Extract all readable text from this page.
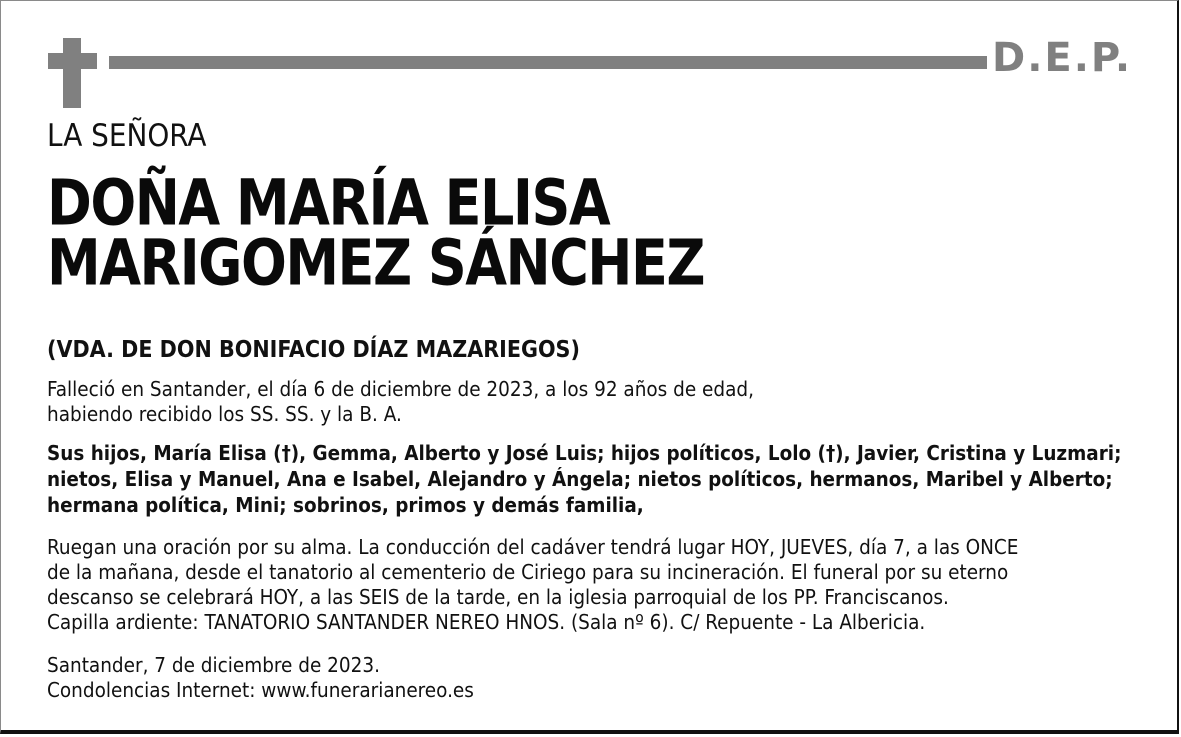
D.E.P.
LA SEÑORA
DOÑA MARÍA ELISA
MARIGOMEZ SÁNCHEZ
(VDA. DE DON BONIFACIO DÍAZ MAZARIEGOS)
Falleció en Santander, el día 6 de diciembre de 2023, a los 92 años de edad,
habiendo recibido los SS. SS. y la B. A.
Sus hijos, María Elisa (†), Gemma, Alberto y José Luis; hijos políticos, Lolo (†), Javier, Cristina y Luzmari;
nietos, Elisa y Manuel, Ana e Isabel, Alejandro y Ángela; nietos políticos, hermanos, Maribel y Alberto;
hermana política, Mini; sobrinos, primos y demás familia,
Ruegan una oración por su alma. La conducción del cadáver tendrá lugar HOY, JUEVES, día 7, a las ONCE
de la mañana, desde el tanatorio al cementerio de Ciriego para su incineración. El funeral por su eterno
descanso se celebrará HOY, a las SEIS de la tarde, en la iglesia parroquial de los PP. Franciscanos.
Capilla ardiente: TANATORIO SANTANDER NEREO HNOS. (Sala nº 6). C/ Repuente - La Albericia.
Santander, 7 de diciembre de 2023.
Condolencias Internet: www.funerarianereo.es
